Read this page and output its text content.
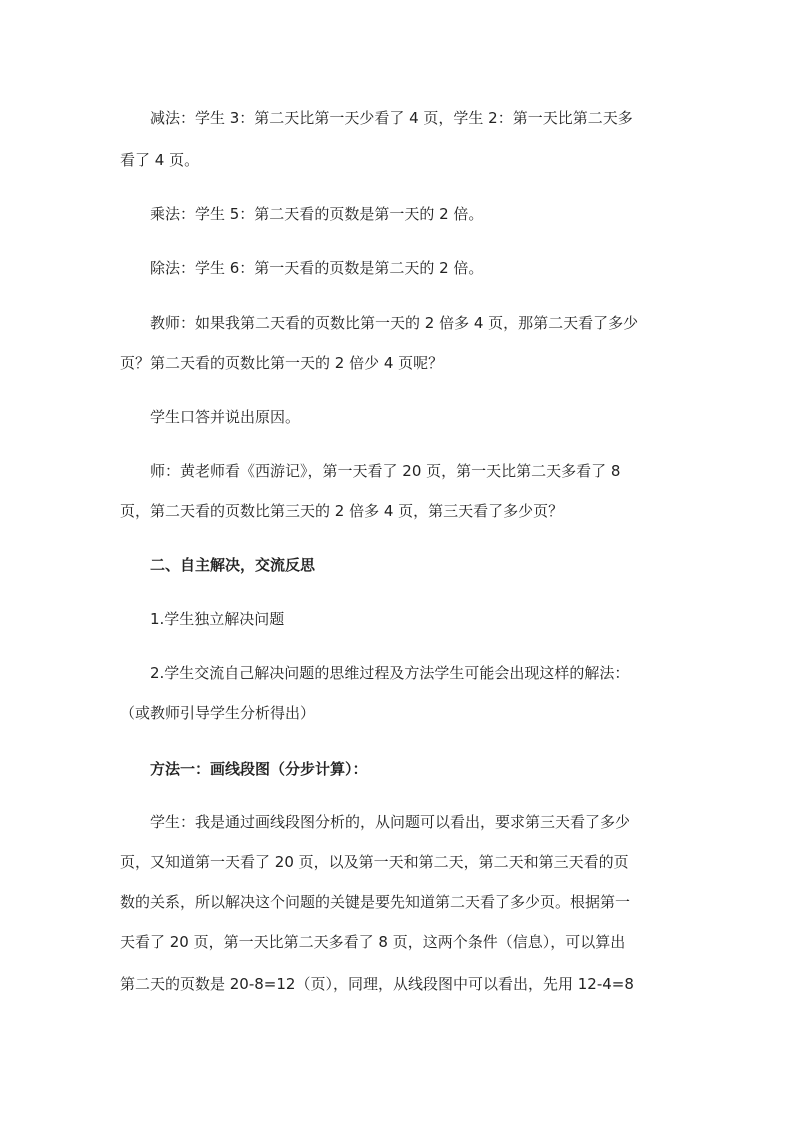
减法：学生 3：第二天比第一天少看了 4 页，学生 2：第一天比第二天多
看了 4 页。
乘法：学生 5：第二天看的页数是第一天的 2 倍。
除法：学生 6：第一天看的页数是第二天的 2 倍。
教师：如果我第二天看的页数比第一天的 2 倍多 4 页，那第二天看了多少
页？第二天看的页数比第一天的 2 倍少 4 页呢？
学生口答并说出原因。
师：黄老师看《西游记》，第一天看了 20 页，第一天比第二天多看了 8
页，第二天看的页数比第三天的 2 倍多 4 页，第三天看了多少页？
二、自主解决，交流反思
1.学生独立解决问题
2.学生交流自己解决问题的思维过程及方法学生可能会出现这样的解法：
（或教师引导学生分析得出）
方法一：画线段图（分步计算）：
学生：我是通过画线段图分析的，从问题可以看出，要求第三天看了多少
页，又知道第一天看了 20 页，以及第一天和第二天，第二天和第三天看的页
数的关系，所以解决这个问题的关键是要先知道第二天看了多少页。根据第一
天看了 20 页，第一天比第二天多看了 8 页，这两个条件（信息），可以算出
第二天的页数是 20-8=12（页），同理，从线段图中可以看出，先用 12-4=8
